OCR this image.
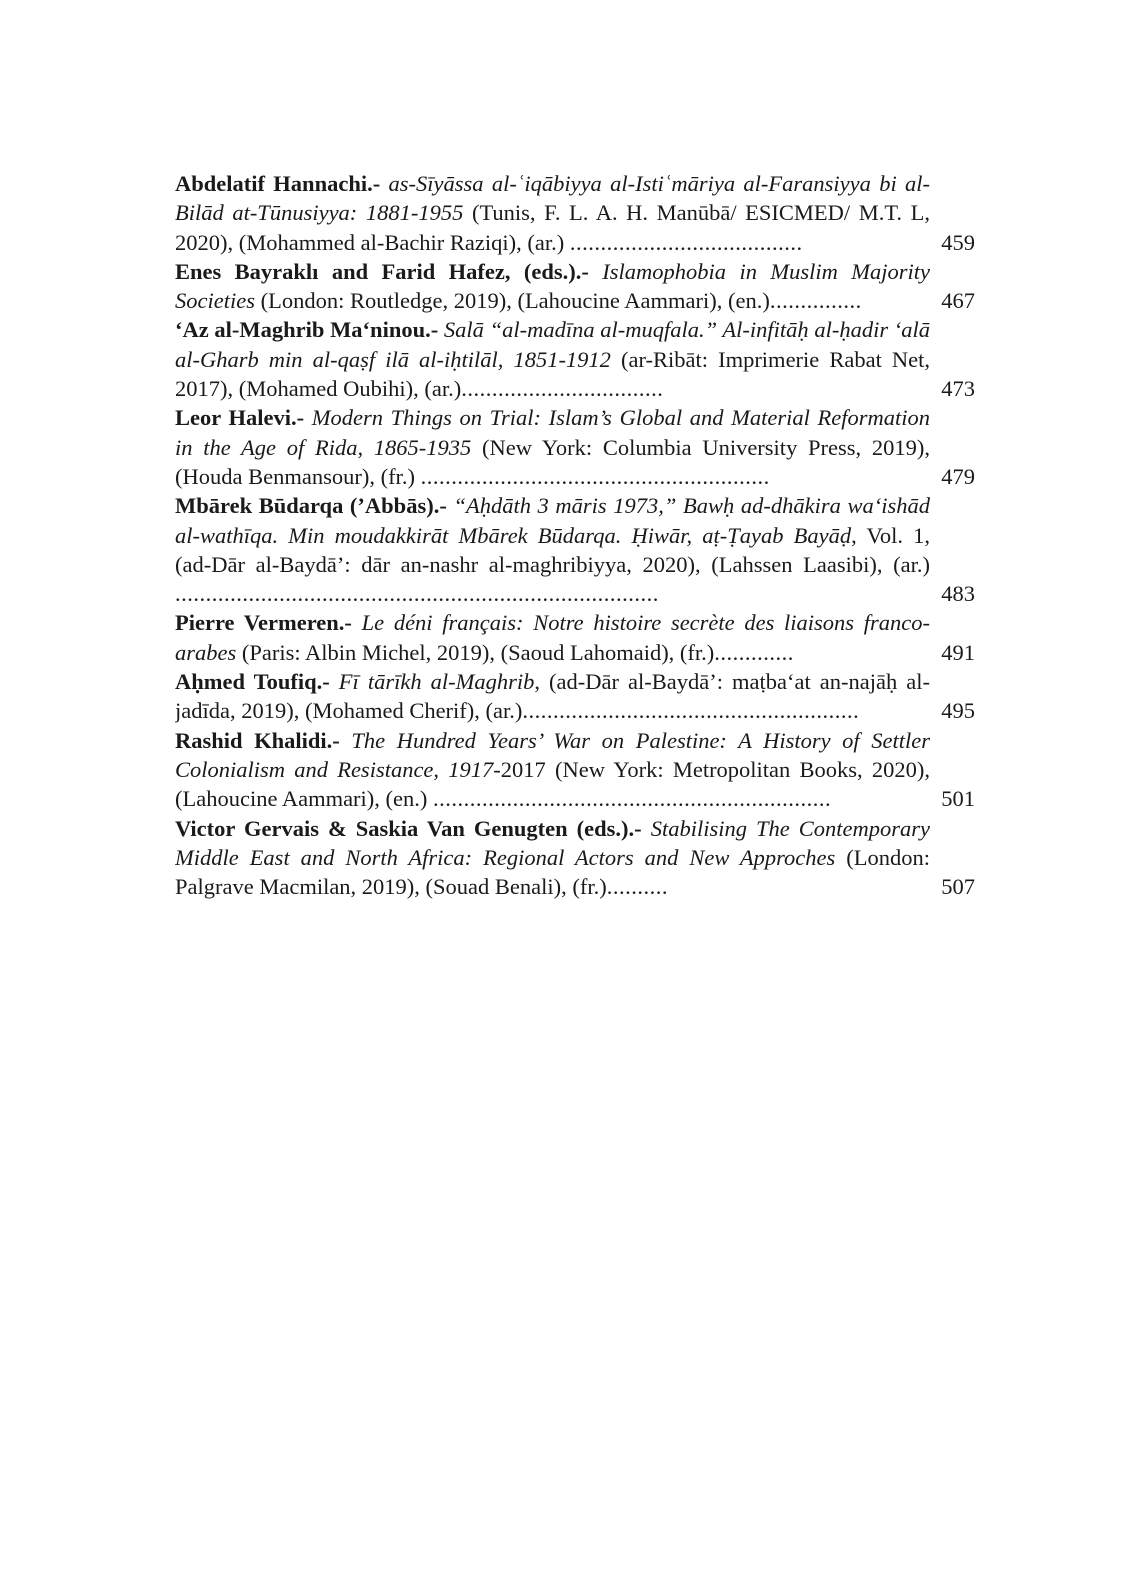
Abdelatif Hannachi.- as-Sīyāssa al-ʿiqābiyya al-Istiʿmāriya al-Faransiyya bi al-Bilād at-Tūnusiyya: 1881-1955 (Tunis, F. L. A. H. Manūbā/ ESICMED/ M.T. L, 2020), (Mohammed al-Bachir Raziqi), (ar.) ......................................	459
Enes Bayraklı and Farid Hafez, (eds.).- Islamophobia in Muslim Majority Societies (London: Routledge, 2019), (Lahoucine Aammari), (en.)...............	467
‘Az al-Maghrib Ma‘ninou.- Salā “al-madīna al-muqfala.” Al-infitāḥ al-ḥadir ‘alā al-Gharb min al-qaṣf ilā al-iḥtilāl, 1851-1912 (ar-Ribāt: Imprimerie Rabat Net, 2017), (Mohamed Oubihi), (ar.).................................	473
Leor Halevi.- Modern Things on Trial: Islam’s Global and Material Reformation in the Age of Rida, 1865-1935 (New York: Columbia University Press, 2019), (Houda Benmansour), (fr.) .........................................................	479
Mbārek Būdarqa (’Abbās).- “Aḥdāth 3 māris 1973,” Bawḥ ad-dhākira wa‘ishād al-wathīqa. Min moudakkirāt Mbārek Būdarqa. Ḥiwār, aṭ-Ṭayab Bayāḍ, Vol. 1, (ad-Dār al-Baydā’: dār an-nashr al-maghribiyya, 2020), (Lahssen Laasibi), (ar.) ...............................................................................	483
Pierre Vermeren.- Le déni français: Notre histoire secrète des liaisons franco-arabes (Paris: Albin Michel, 2019), (Saoud Lahomaid), (fr.).............	491
Aḥmed Toufiq.- Fī tārīkh al-Maghrib, (ad-Dār al-Baydā’: maṭba‘at an-najāḥ al-jadīda, 2019), (Mohamed Cherif), (ar.).......................................................	495
Rashid Khalidi.- The Hundred Years’ War on Palestine: A History of Settler Colonialism and Resistance, 1917-2017 (New York: Metropolitan Books, 2020), (Lahoucine Aammari), (en.) .................................................................	501
Victor Gervais & Saskia Van Genugten (eds.).- Stabilising The Contemporary Middle East and North Africa: Regional Actors and New Approches (London: Palgrave Macmilan, 2019), (Souad Benali), (fr.)..........	507
